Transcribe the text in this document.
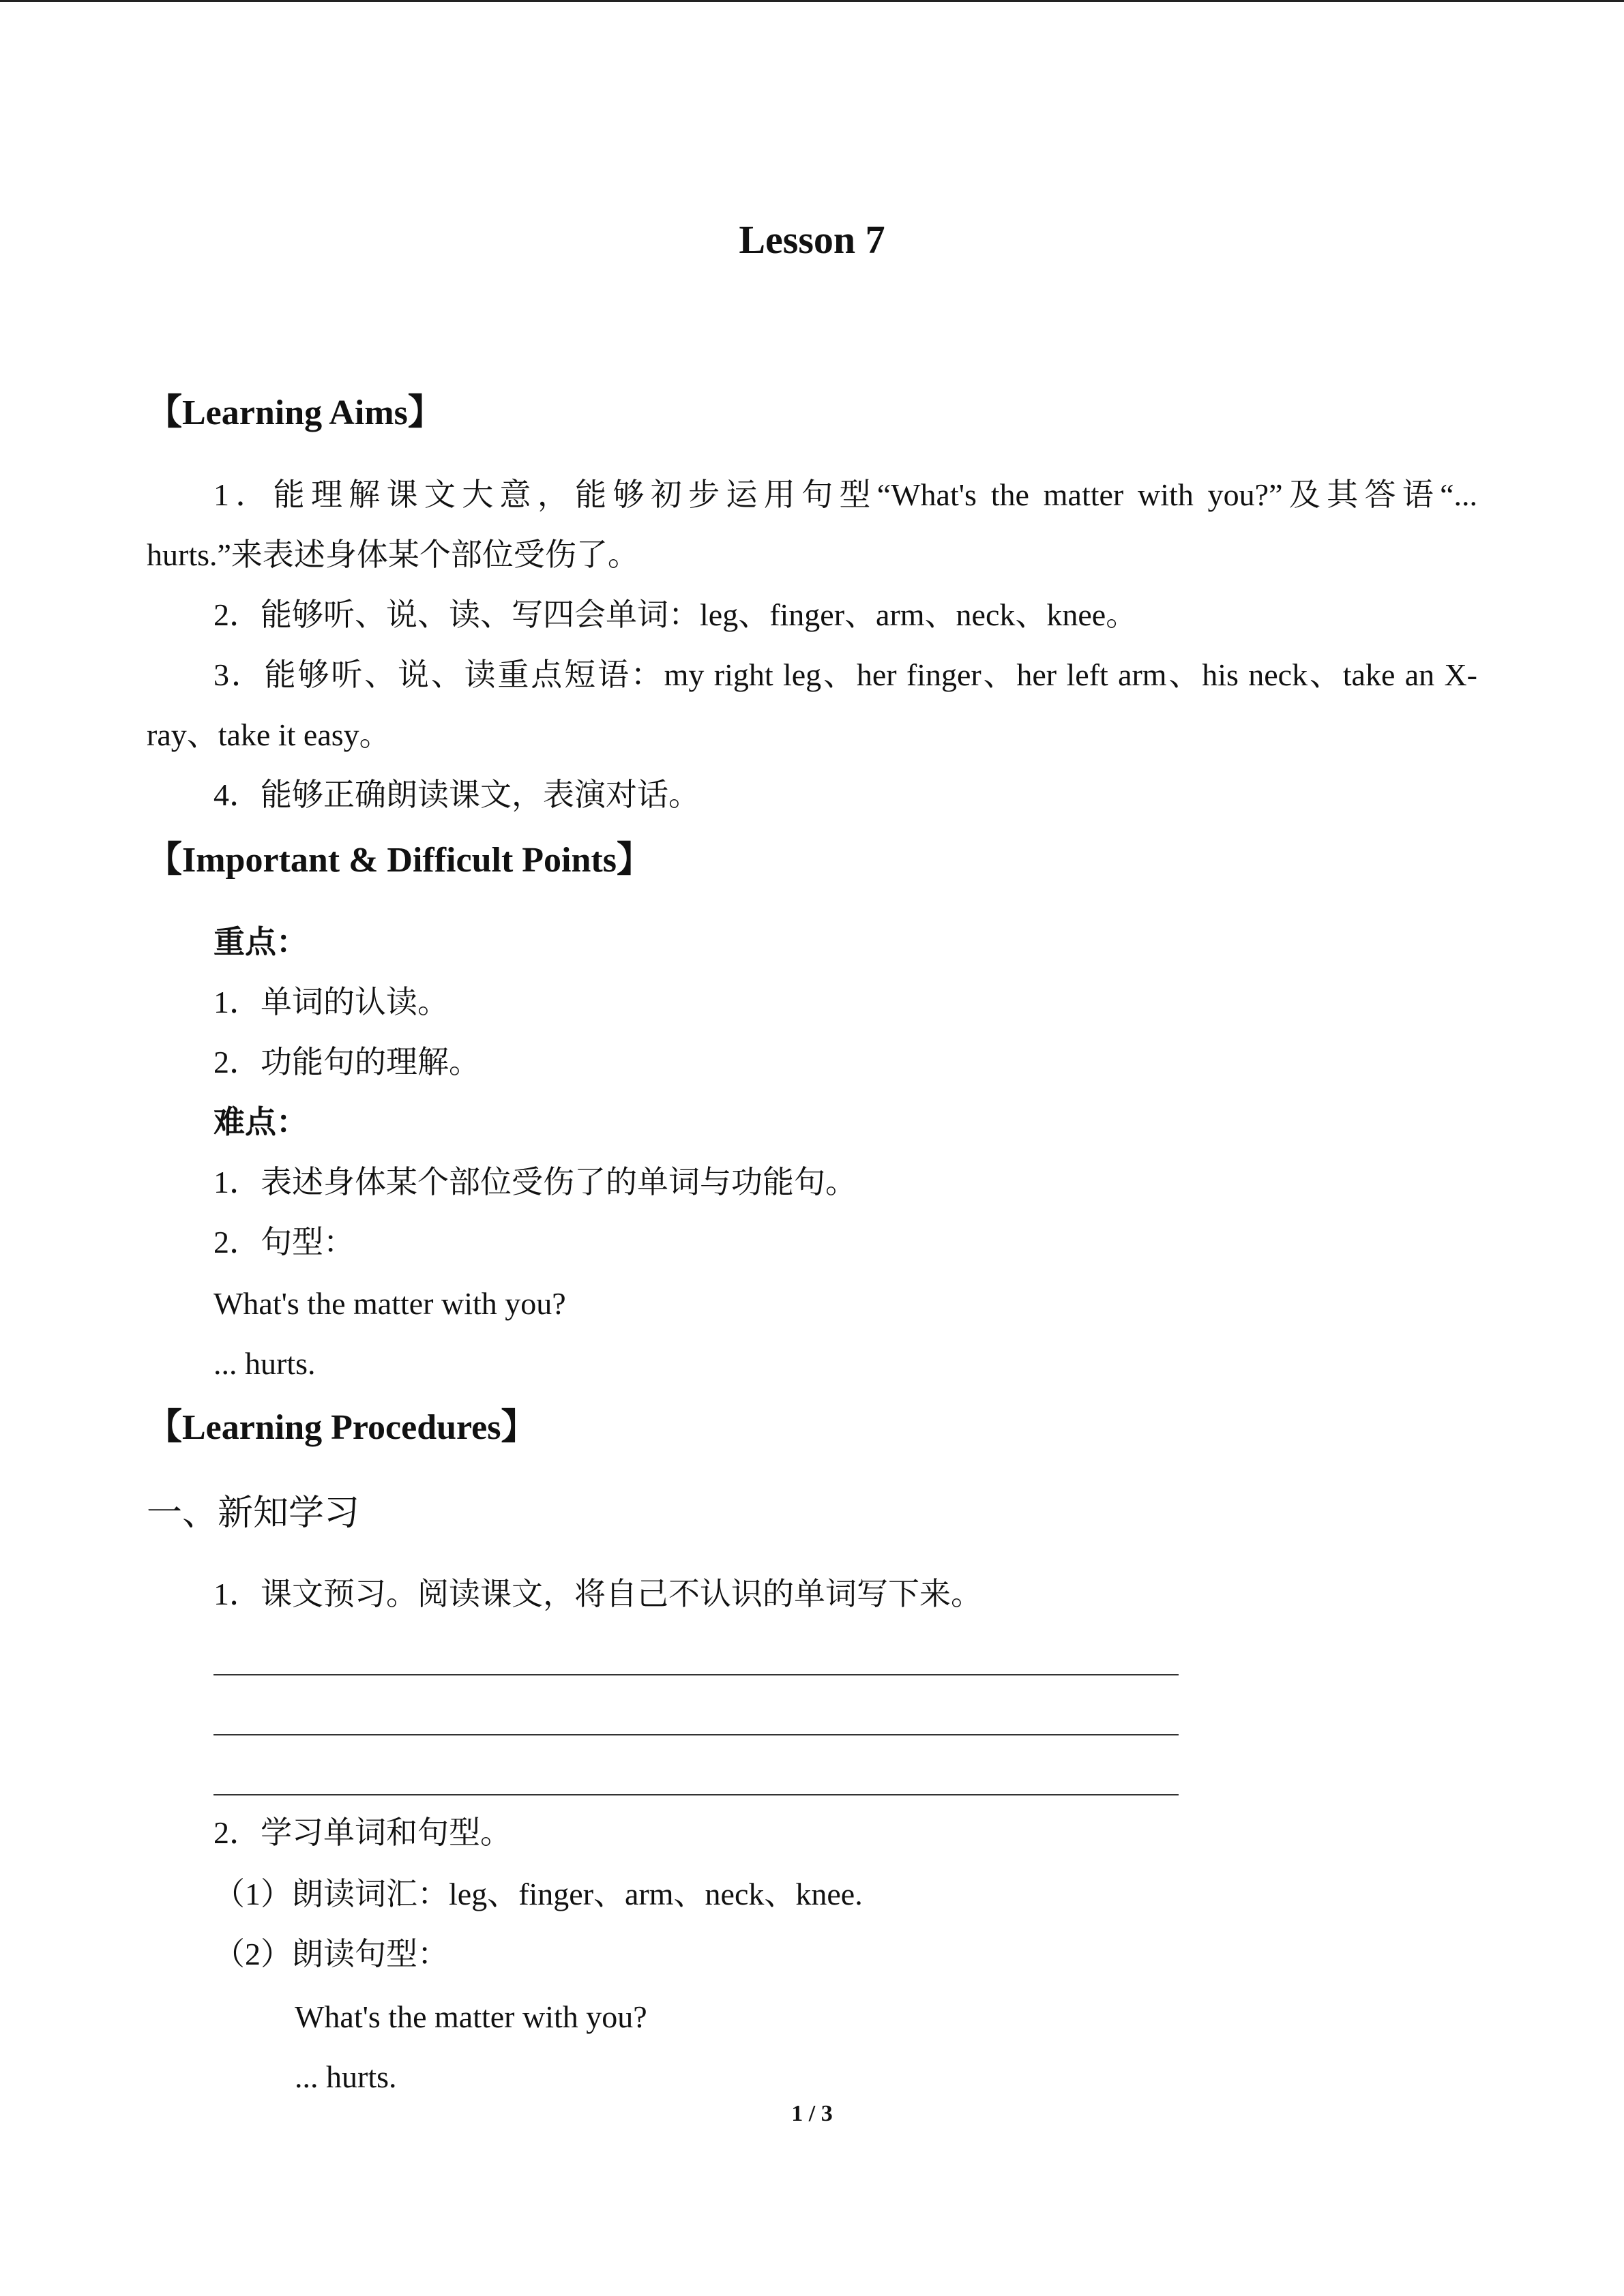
Lesson 7
【Learning Aims】
1．能理解课文大意，能够初步运用句型“What's the matter with you?”及其答语“...
hurts.”来表述身体某个部位受伤了。
2．能够听、说、读、写四会单词：leg、finger、arm、neck、knee。
3．能够听、说、读重点短语：my right leg、her finger、her left arm、his neck、take an X-
ray、take it easy。
4．能够正确朗读课文，表演对话。
【Important & Difficult Points】
重点：
1．单词的认读。
2．功能句的理解。
难点：
1．表述身体某个部位受伤了的单词与功能句。
2．句型：
What's the matter with you?
... hurts.
【Learning Procedures】
一、新知学习
1．课文预习。阅读课文，将自己不认识的单词写下来。
2．学习单词和句型。
（1）朗读词汇：leg、finger、arm、neck、knee.
（2）朗读句型：
What's the matter with you?
... hurts.
1 / 3
